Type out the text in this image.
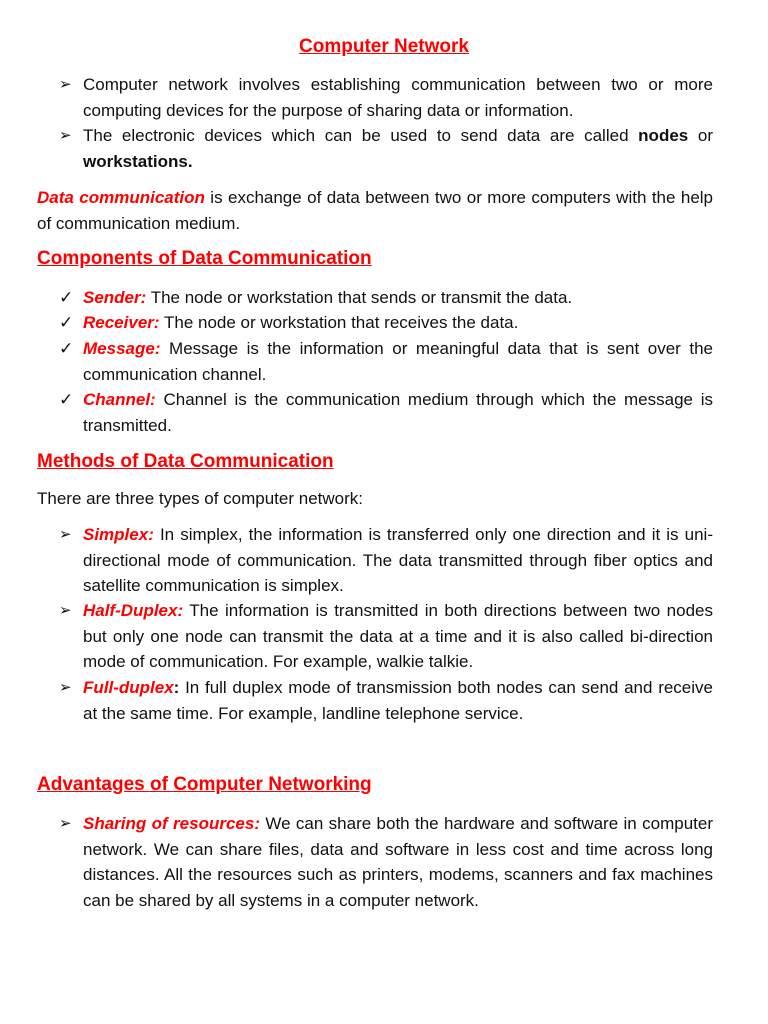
Computer Network
➢ Computer network involves establishing communication between two or more computing devices for the purpose of sharing data or information.
➢ The electronic devices which can be used to send data are called nodes or workstations.
Data communication is exchange of data between two or more computers with the help of communication medium.
Components of Data Communication
✓ Sender: The node or workstation that sends or transmit the data.
✓ Receiver: The node or workstation that receives the data.
✓ Message: Message is the information or meaningful data that is sent over the communication channel.
✓ Channel: Channel is the communication medium through which the message is transmitted.
Methods of Data Communication
There are three types of computer network:
➢ Simplex: In simplex, the information is transferred only one direction and it is uni-directional mode of communication. The data transmitted through fiber optics and satellite communication is simplex.
➢ Half-Duplex: The information is transmitted in both directions between two nodes but only one node can transmit the data at a time and it is also called bi-direction mode of communication. For example, walkie talkie.
➢ Full-duplex: In full duplex mode of transmission both nodes can send and receive at the same time. For example, landline telephone service.
Advantages of Computer Networking
➢ Sharing of resources: We can share both the hardware and software in computer network. We can share files, data and software in less cost and time across long distances. All the resources such as printers, modems, scanners and fax machines can be shared by all systems in a computer network.
